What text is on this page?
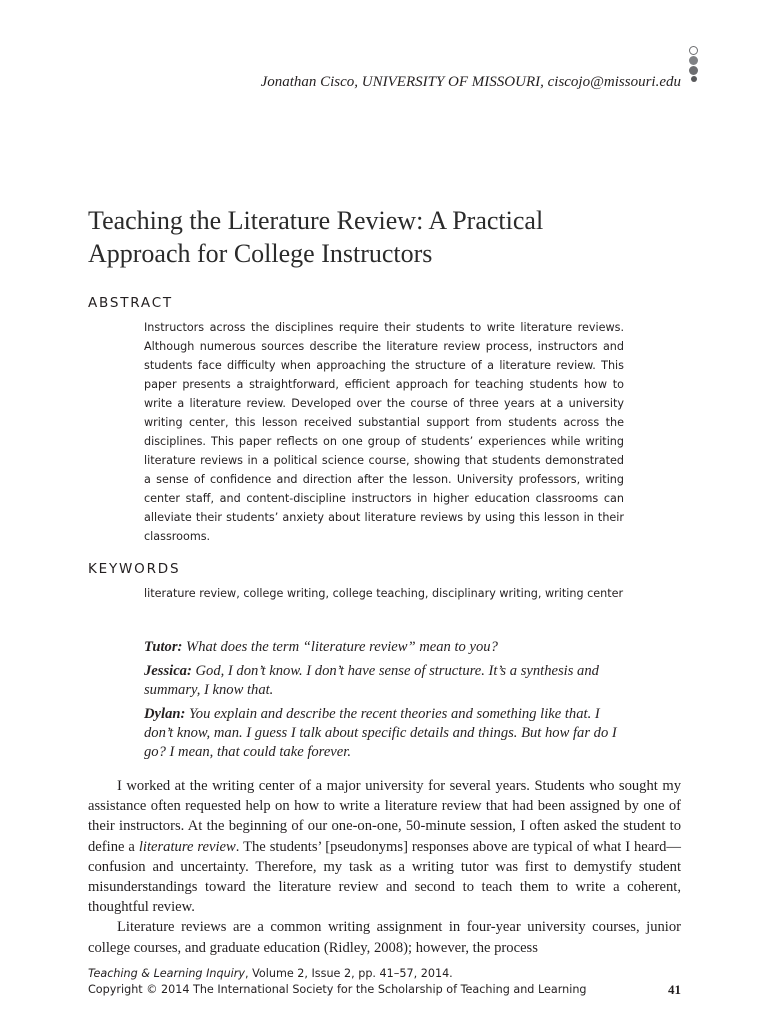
Jonathan Cisco, UNIVERSITY OF MISSOURI, ciscojo@missouri.edu
Teaching the Literature Review: A Practical Approach for College Instructors
ABSTRACT

Instructors across the disciplines require their students to write literature reviews. Although numerous sources describe the literature review process, instructors and students face difficulty when approaching the structure of a literature review. This paper presents a straightforward, efficient approach for teaching students how to write a literature review. Developed over the course of three years at a university writing center, this lesson received substantial support from students across the disciplines. This paper reflects on one group of students’ experiences while writing literature reviews in a political science course, showing that students demonstrated a sense of confidence and direction after the lesson. University professors, writing center staff, and content-discipline instructors in higher education classrooms can alleviate their students’ anxiety about literature reviews by using this lesson in their classrooms.

KEYWORDS

literature review, college writing, college teaching, disciplinary writing, writing center

Tutor: What does the term “literature review” mean to you?

Jessica: God, I don’t know. I don’t have sense of structure. It’s a synthesis and summary, I know that.

Dylan: You explain and describe the recent theories and something like that. I don’t know, man. I guess I talk about specific details and things. But how far do I go? I mean, that could take forever.

I worked at the writing center of a major university for several years. Students who sought my assistance often requested help on how to write a literature review that had been assigned by one of their instructors. At the beginning of our one-on-one, 50-minute session, I often asked the student to define a literature review. The students’ [pseudonyms] responses above are typical of what I heard—confusion and uncertainty. Therefore, my task as a writing tutor was first to demystify student misunderstandings toward the literature review and second to teach them to write a coherent, thoughtful review.

Literature reviews are a common writing assignment in four-year university courses, junior college courses, and graduate education (Ridley, 2008); however, the process

Teaching & Learning Inquiry, Volume 2, Issue 2, pp. 41–57, 2014.
Copyright © 2014 The International Society for the Scholarship of Teaching and Learning	41
